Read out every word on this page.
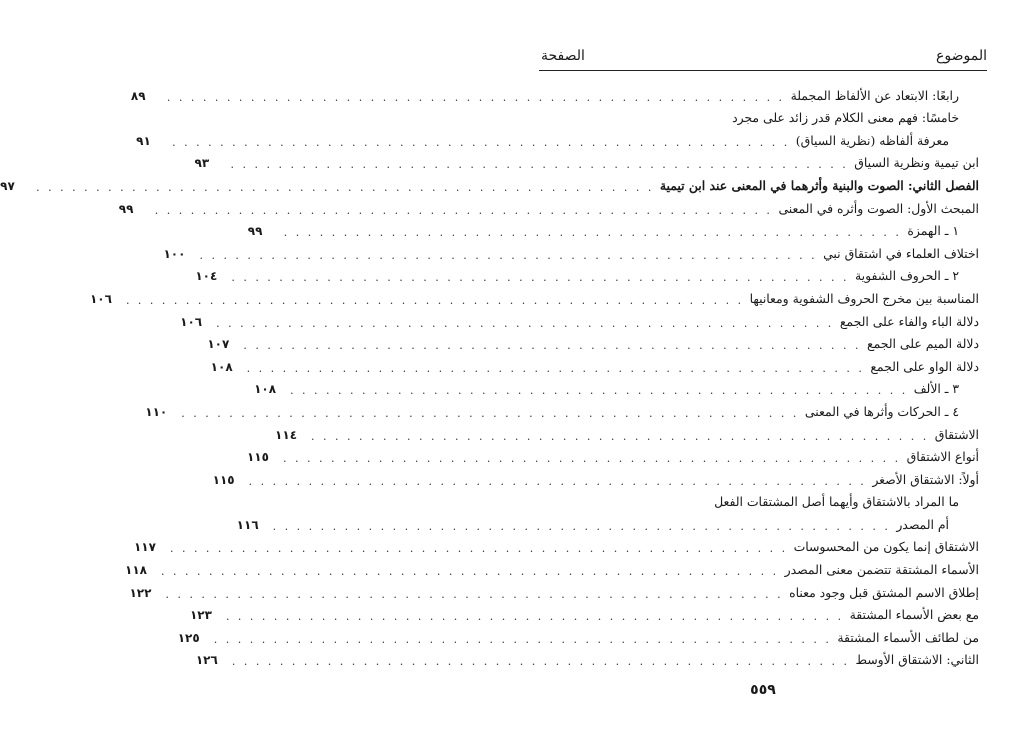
الموضوع
الصفحة
رابعًا: الابتعاد عن الألفاظ المجملة
. . . . . . . . . . . . . . . . . . . . . . . . . . . . . . . . . . . . . . . . . . . . . . . . . . . .
٨٩
خامسًا: فهم معنى الكلام قدر زائد على مجرد
معرفة ألفاظه (نظرية السياق)
. . . . . . . . . . . . . . . . . . . . . . . . . . . . . . . . . . . . . . . . . . . . . . . . . . . .
٩١
ابن تيمية ونظرية السياق
. . . . . . . . . . . . . . . . . . . . . . . . . . . . . . . . . . . . . . . . . . . . . . . . . . . .
٩٣
الفصل الثاني: الصوت والبنية وأثرهما في المعنى عند ابن تيمية
. . . . . . . . . . . . . . . . . . . . . . . . . . . . . . . . . . . . . . . . . . . . . . . . . . . .
٩٧
المبحث الأول: الصوت وأثره في المعنى
. . . . . . . . . . . . . . . . . . . . . . . . . . . . . . . . . . . . . . . . . . . . . . . . . . . .
٩٩
١ ـ الهمزة
. . . . . . . . . . . . . . . . . . . . . . . . . . . . . . . . . . . . . . . . . . . . . . . . . . . .
٩٩
اختلاف العلماء في اشتقاق نبي
. . . . . . . . . . . . . . . . . . . . . . . . . . . . . . . . . . . . . . . . . . . . . . . . . . . .
١٠٠
٢ ـ الحروف الشفوية
. . . . . . . . . . . . . . . . . . . . . . . . . . . . . . . . . . . . . . . . . . . . . . . . . . . .
١٠٤
المناسبة بين مخرج الحروف الشفوية ومعانيها
. . . . . . . . . . . . . . . . . . . . . . . . . . . . . . . . . . . . . . . . . . . . . . . . . . . .
١٠٦
دلالة الباء والفاء على الجمع
. . . . . . . . . . . . . . . . . . . . . . . . . . . . . . . . . . . . . . . . . . . . . . . . . . . .
١٠٦
دلالة الميم على الجمع
. . . . . . . . . . . . . . . . . . . . . . . . . . . . . . . . . . . . . . . . . . . . . . . . . . . .
١٠٧
دلالة الواو على الجمع
. . . . . . . . . . . . . . . . . . . . . . . . . . . . . . . . . . . . . . . . . . . . . . . . . . . .
١٠٨
٣ ـ الألف
. . . . . . . . . . . . . . . . . . . . . . . . . . . . . . . . . . . . . . . . . . . . . . . . . . . .
١٠٨
٤ ـ الحركات وأثرها في المعنى
. . . . . . . . . . . . . . . . . . . . . . . . . . . . . . . . . . . . . . . . . . . . . . . . . . . .
١١٠
الاشتقاق
. . . . . . . . . . . . . . . . . . . . . . . . . . . . . . . . . . . . . . . . . . . . . . . . . . . .
١١٤
أنواع الاشتقاق
. . . . . . . . . . . . . . . . . . . . . . . . . . . . . . . . . . . . . . . . . . . . . . . . . . . .
١١٥
أولاً: الاشتقاق الأصغر
. . . . . . . . . . . . . . . . . . . . . . . . . . . . . . . . . . . . . . . . . . . . . . . . . . . .
١١٥
ما المراد بالاشتقاق وأيهما أصل المشتقات الفعل
أم المصدر
. . . . . . . . . . . . . . . . . . . . . . . . . . . . . . . . . . . . . . . . . . . . . . . . . . . .
١١٦
الاشتقاق إنما يكون من المحسوسات
. . . . . . . . . . . . . . . . . . . . . . . . . . . . . . . . . . . . . . . . . . . . . . . . . . . .
١١٧
الأسماء المشتقة تتضمن معنى المصدر
. . . . . . . . . . . . . . . . . . . . . . . . . . . . . . . . . . . . . . . . . . . . . . . . . . . .
١١٨
إطلاق الاسم المشتق قبل وجود معناه
. . . . . . . . . . . . . . . . . . . . . . . . . . . . . . . . . . . . . . . . . . . . . . . . . . . .
١٢٢
مع بعض الأسماء المشتقة
. . . . . . . . . . . . . . . . . . . . . . . . . . . . . . . . . . . . . . . . . . . . . . . . . . . .
١٢٣
من لطائف الأسماء المشتقة
. . . . . . . . . . . . . . . . . . . . . . . . . . . . . . . . . . . . . . . . . . . . . . . . . . . .
١٢٥
الثاني: الاشتقاق الأوسط
. . . . . . . . . . . . . . . . . . . . . . . . . . . . . . . . . . . . . . . . . . . . . . . . . . . .
١٢٦
٥٥٩
